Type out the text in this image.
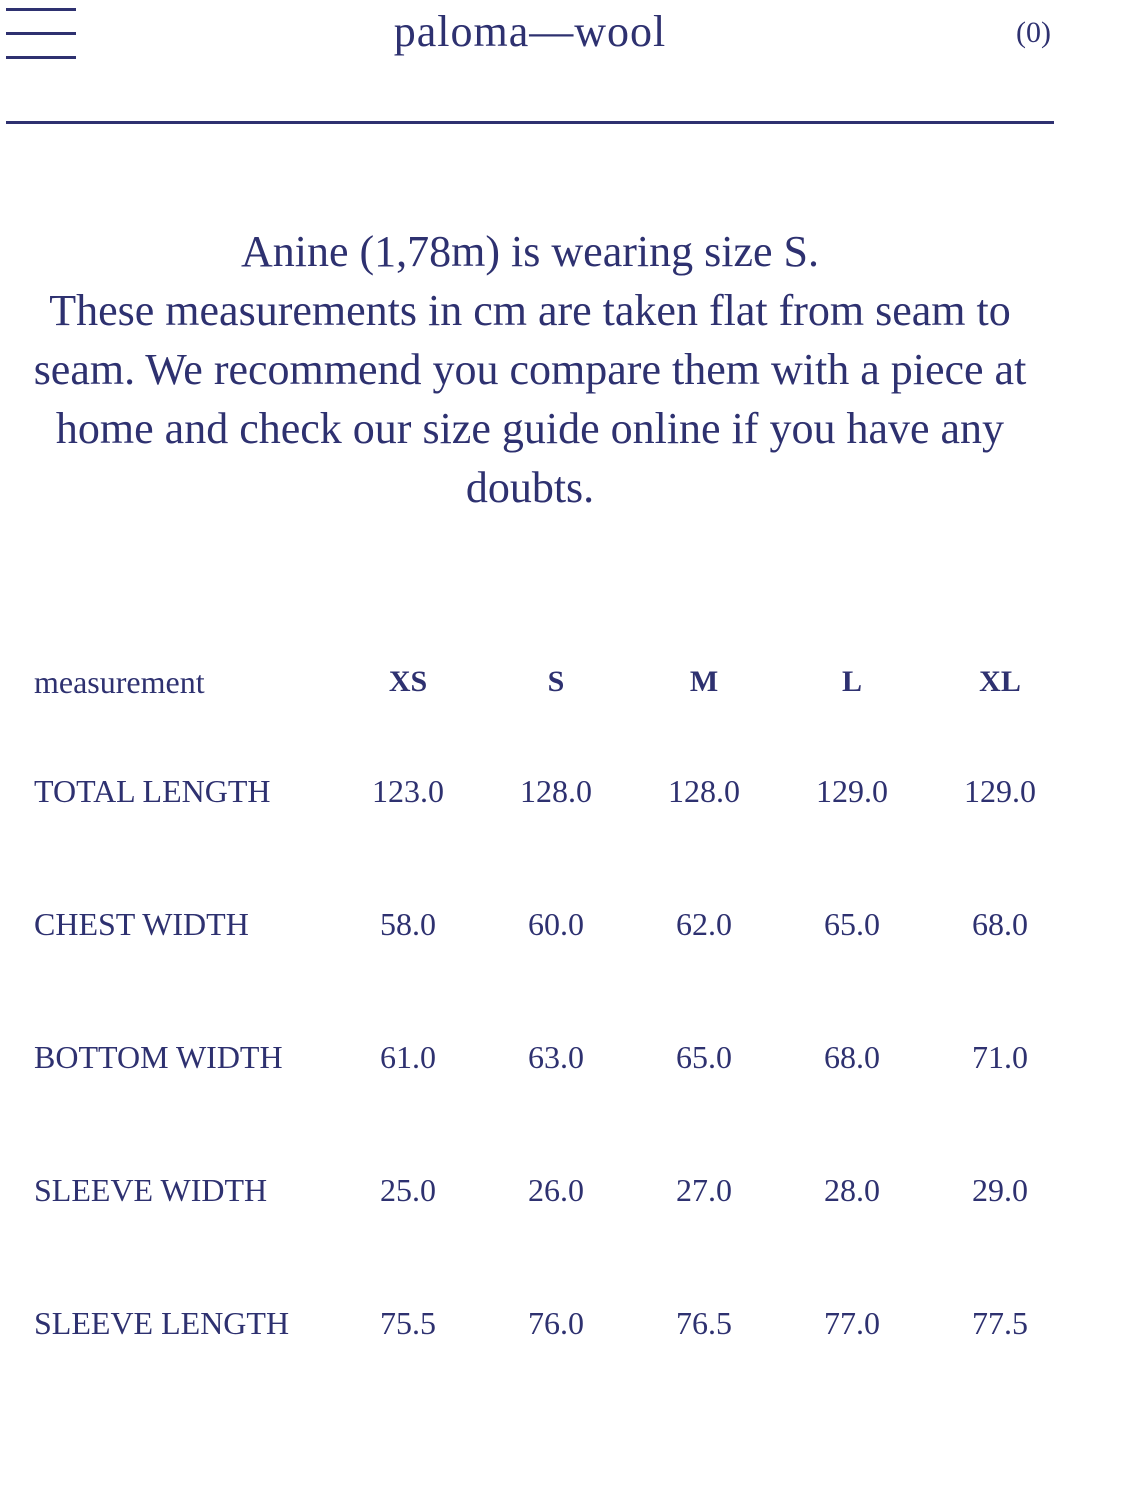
paloma—wool	(0)

Anine (1,78m) is wearing size S.

These measurements in cm are taken flat from seam to seam. We recommend you compare them with a piece at home and check our size guide online if you have any doubts.

measurement	XS	S	M	L	XL
TOTAL LENGTH	123.0	128.0	128.0	129.0	129.0
CHEST WIDTH	58.0	60.0	62.0	65.0	68.0
BOTTOM WIDTH	61.0	63.0	65.0	68.0	71.0
SLEEVE WIDTH	25.0	26.0	27.0	28.0	29.0
SLEEVE LENGTH	75.5	76.0	76.5	77.0	77.5
